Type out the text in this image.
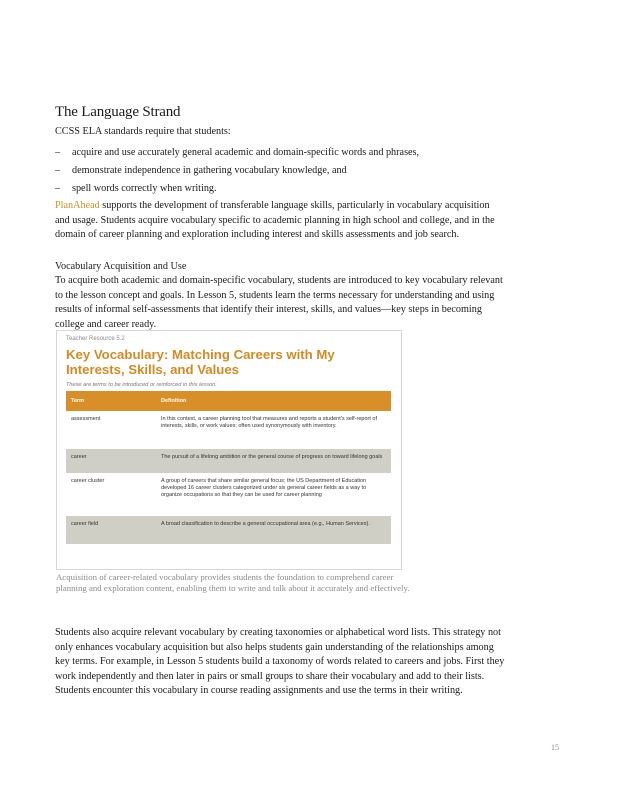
The Language Strand

CCSS ELA standards require that students:

– acquire and use accurately general academic and domain-specific words and phrases,
– demonstrate independence in gathering vocabulary knowledge, and
– spell words correctly when writing.

PlanAhead supports the development of transferable language skills, particularly in vocabulary acquisition and usage. Students acquire vocabulary specific to academic planning in high school and college, and in the domain of career planning and exploration including interest and skills assessments and job search.

Vocabulary Acquisition and Use

To acquire both academic and domain-specific vocabulary, students are introduced to key vocabulary relevant to the lesson concept and goals. In Lesson 5, students learn the terms necessary for understanding and using results of informal self-assessments that identify their interest, skills, and values—key steps in becoming college and career ready.

Teacher Resource 5.2
Key Vocabulary: Matching Careers with My Interests, Skills, and Values
These are terms to be introduced or reinforced in this lesson.
Term	Definition
assessment	In this context, a career planning tool that measures and reports a student's self-report of interests, skills, or work values; often used synonymously with inventory.
career	The pursuit of a lifelong ambition or the general course of progress on toward lifelong goals
career cluster	A group of careers that share similar general focus; the US Department of Education developed 16 career clusters categorized under six general career fields as a way to organize occupations so that they can be used for career planning
career field	A broad classification to describe a general occupational area (e.g., Human Services).
Acquisition of career-related vocabulary provides students the foundation to comprehend career planning and exploration content, enabling them to write and talk about it accurately and effectively.

Students also acquire relevant vocabulary by creating taxonomies or alphabetical word lists. This strategy not only enhances vocabulary acquisition but also helps students gain understanding of the relationships among key terms. For example, in Lesson 5 students build a taxonomy of words related to careers and jobs. First they work independently and then later in pairs or small groups to share their vocabulary and add to their lists. Students encounter this vocabulary in course reading assignments and use the terms in their writing.

15
